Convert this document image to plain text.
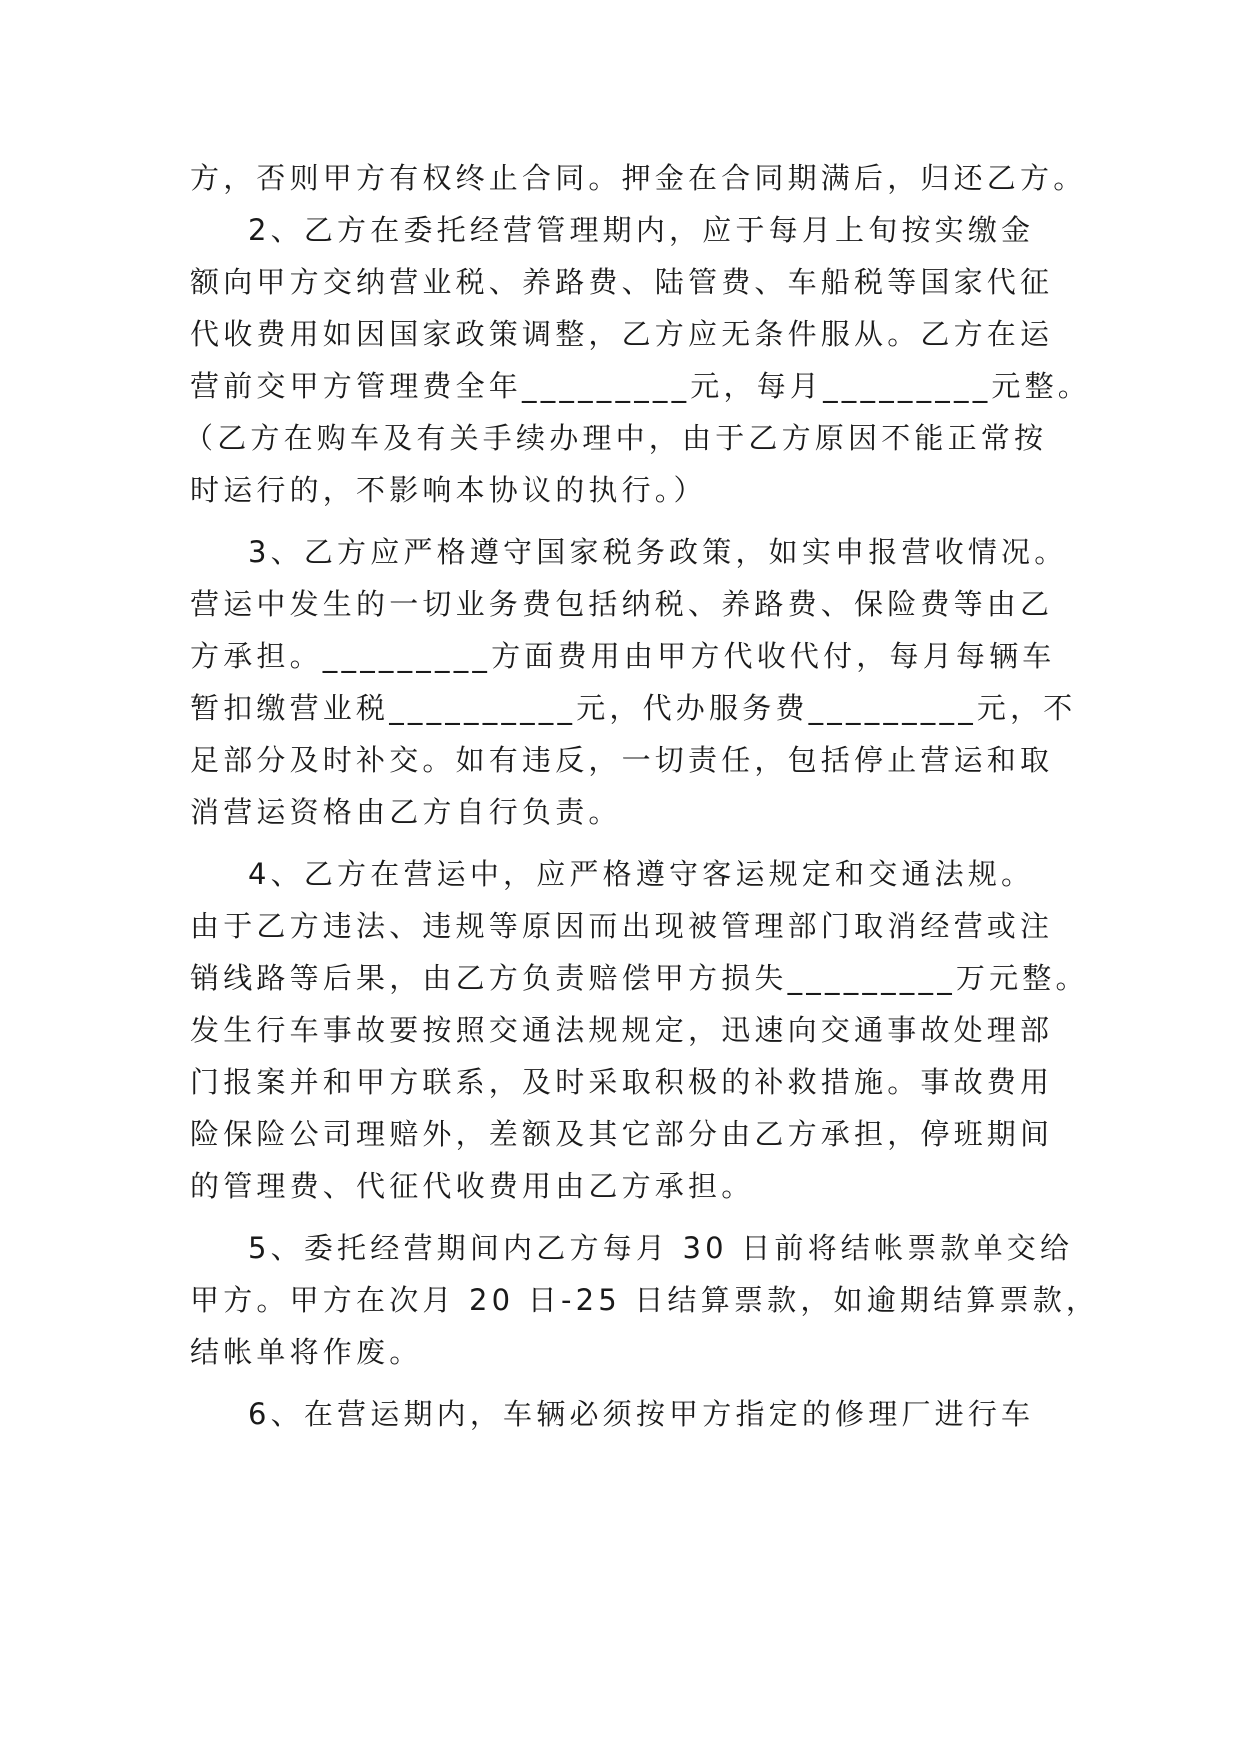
方，否则甲方有权终止合同。押金在合同期满后，归还乙方。
2、乙方在委托经营管理期内，应于每月上旬按实缴金
额向甲方交纳营业税、养路费、陆管费、车船税等国家代征
代收费用如因国家政策调整，乙方应无条件服从。乙方在运
营前交甲方管理费全年_________元，每月_________元整。
（乙方在购车及有关手续办理中，由于乙方原因不能正常按
时运行的，不影响本协议的执行。）
3、乙方应严格遵守国家税务政策，如实申报营收情况。
营运中发生的一切业务费包括纳税、养路费、保险费等由乙
方承担。_________方面费用由甲方代收代付，每月每辆车
暂扣缴营业税__________元，代办服务费_________元，不
足部分及时补交。如有违反，一切责任，包括停止营运和取
消营运资格由乙方自行负责。
4、乙方在营运中，应严格遵守客运规定和交通法规。
由于乙方违法、违规等原因而出现被管理部门取消经营或注
销线路等后果，由乙方负责赔偿甲方损失_________万元整。
发生行车事故要按照交通法规规定，迅速向交通事故处理部
门报案并和甲方联系，及时采取积极的补救措施。事故费用
险保险公司理赔外，差额及其它部分由乙方承担，停班期间
的管理费、代征代收费用由乙方承担。
5、委托经营期间内乙方每月 30 日前将结帐票款单交给
甲方。甲方在次月 20 日-25 日结算票款，如逾期结算票款，
结帐单将作废。
6、在营运期内，车辆必须按甲方指定的修理厂进行车
